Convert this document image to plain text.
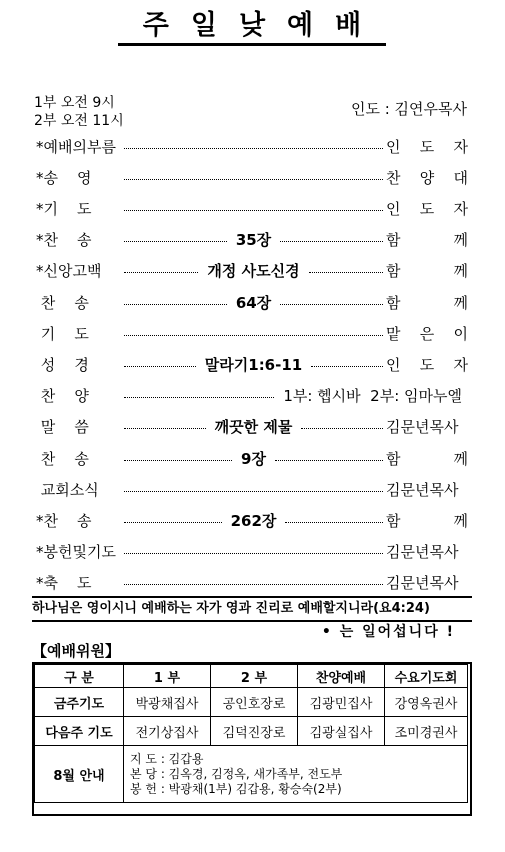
주일낮예배
1부 오전 9시
2부 오전 11시
인도 : 김연우목사
*예배의부름	인 도 자
*송    영	찬 양 대
*기    도	인 도 자
*찬    송	35장	함 께
*신앙고백	개정 사도신경	함 께
찬    송	64장	함 께
기    도	맡 은 이
성    경	말라기1:6-11	인 도 자
찬    양	1부: 헵시바  2부: 임마누엘
말    씀	깨끗한 제물	김문년목사
찬    송	9장	함 께
교회소식	김문년목사
*찬    송	262장	함 께
*봉헌및기도	김문년목사
*축    도	김문년목사
하나님은 영이시니 예배하는 자가 영과 진리로 예배할지니라(요4:24)
• 는 일어섭니다 !
【예배위원】
구 분	1 부	2 부	찬양예배	수요기도회
금주기도	박광채집사	공인호장로	김광민집사	강영옥권사
다음주 기도	전기상집사	김덕진장로	김광실집사	조미경권사
8월 안내	지 도 : 김갑용
본 당 : 김옥경, 김정옥, 새가족부, 전도부
봉 헌 : 박광채(1부) 김갑용, 황승숙(2부)			
